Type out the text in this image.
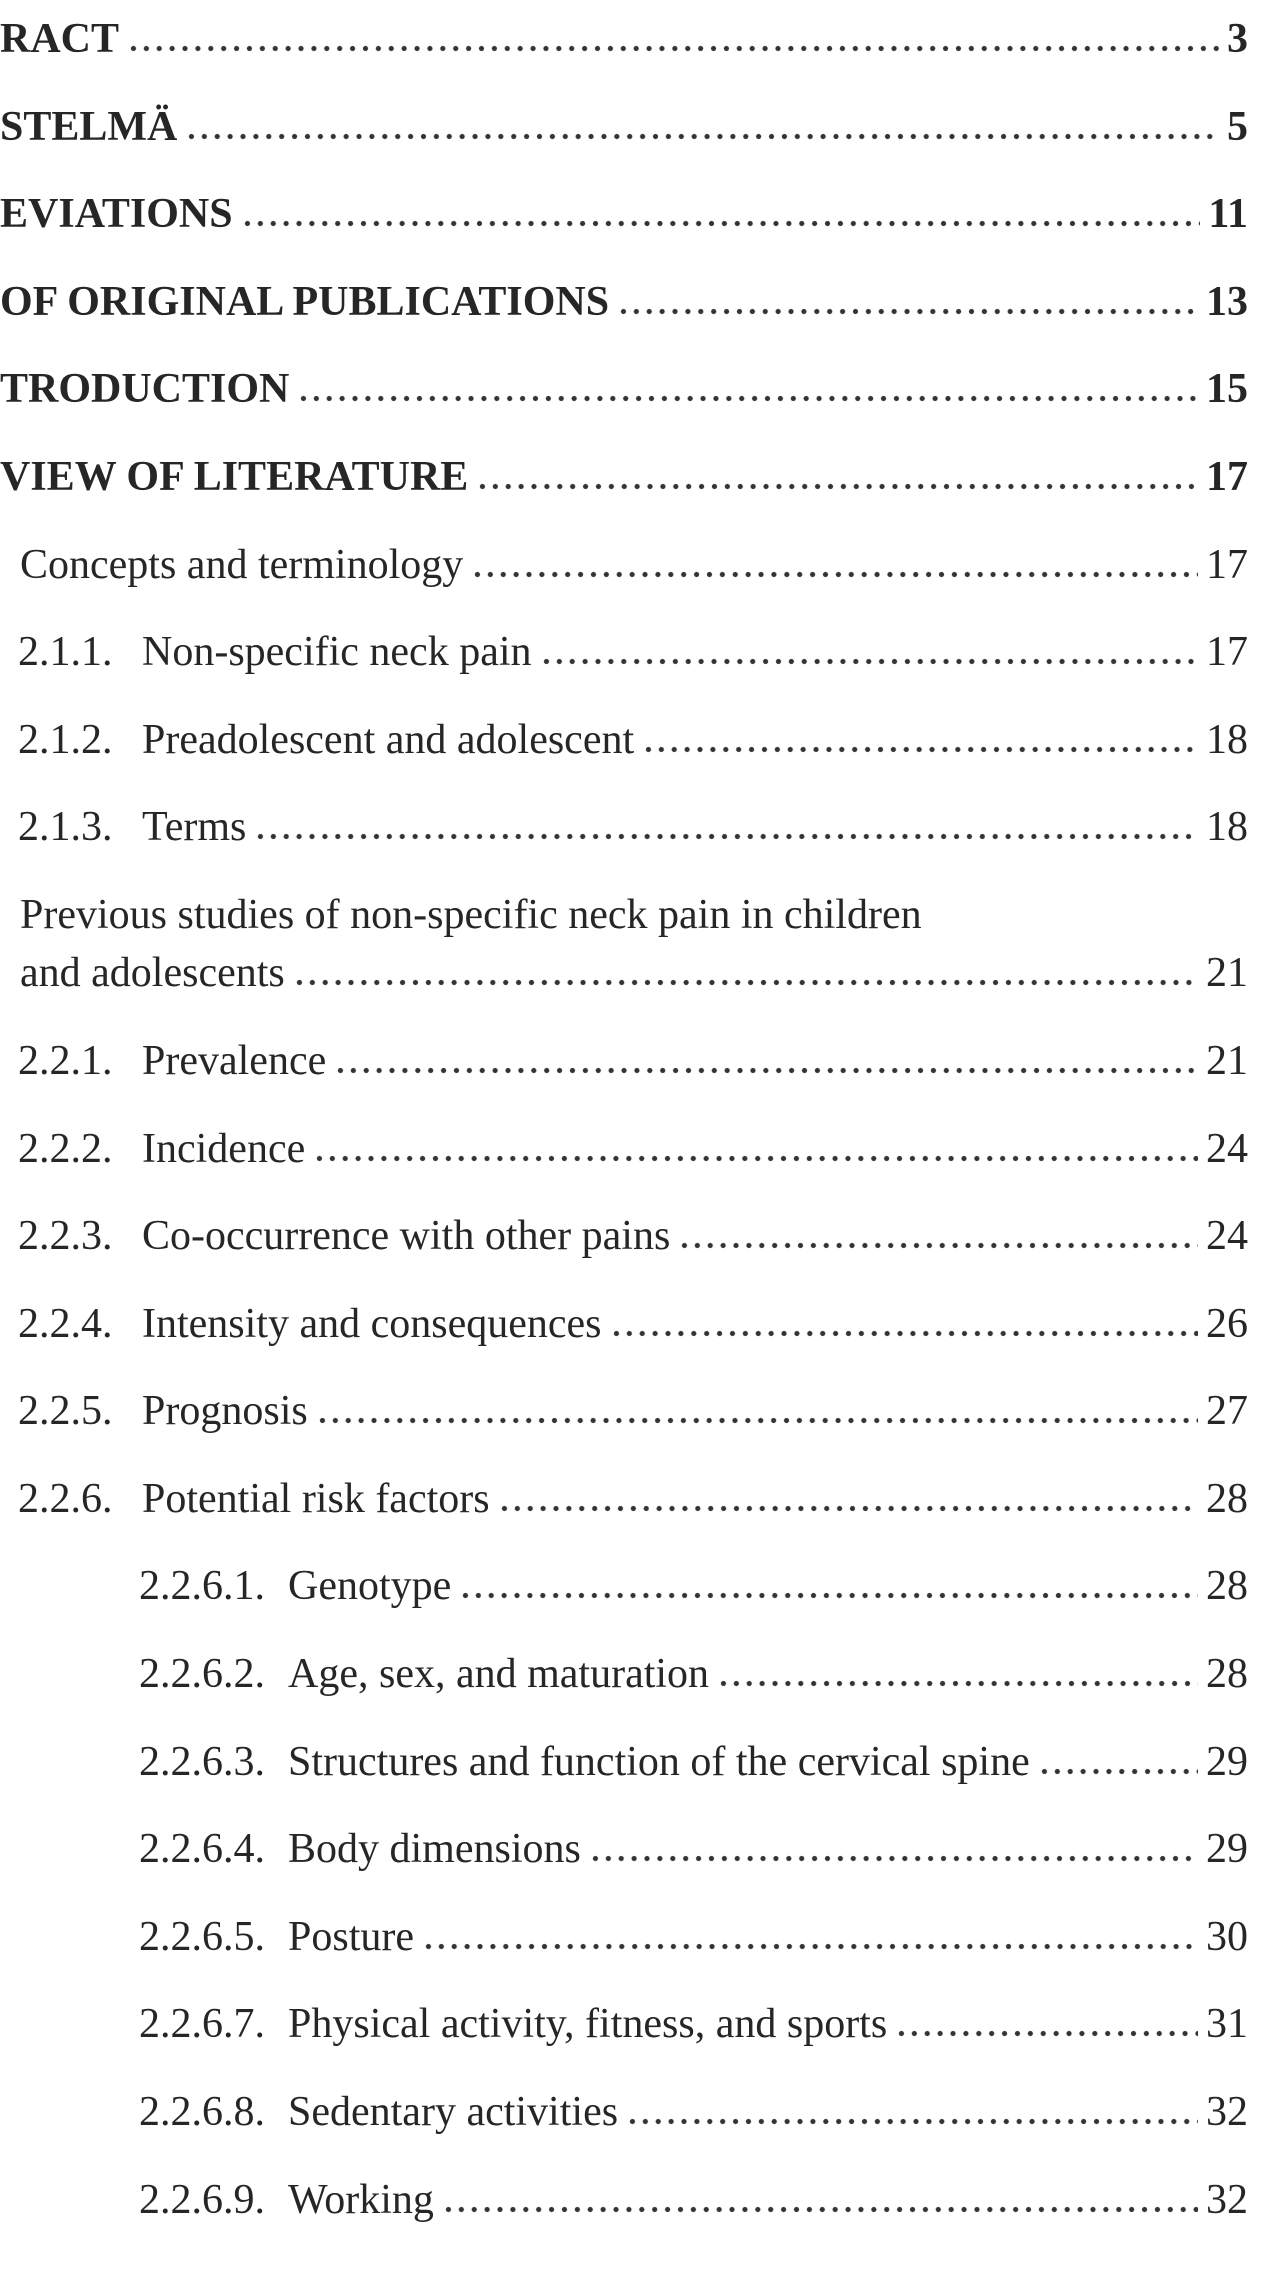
RACT	3
STELMÄ	5
EVIATIONS	11
OF ORIGINAL PUBLICATIONS	13
TRODUCTION	15
VIEW OF LITERATURE	17
Concepts and terminology	17
2.1.1. Non-specific neck pain	17
2.1.2. Preadolescent and adolescent	18
2.1.3. Terms	18
Previous studies of non-specific neck pain in children
and adolescents	21
2.2.1. Prevalence	21
2.2.2. Incidence	24
2.2.3. Co-occurrence with other pains	24
2.2.4. Intensity and consequences	26
2.2.5. Prognosis	27
2.2.6. Potential risk factors	28
2.2.6.1. Genotype	28
2.2.6.2. Age, sex, and maturation	28
2.2.6.3. Structures and function of the cervical spine	29
2.2.6.4. Body dimensions	29
2.2.6.5. Posture	30
2.2.6.7. Physical activity, fitness, and sports	31
2.2.6.8. Sedentary activities	32
2.2.6.9. Working	32
